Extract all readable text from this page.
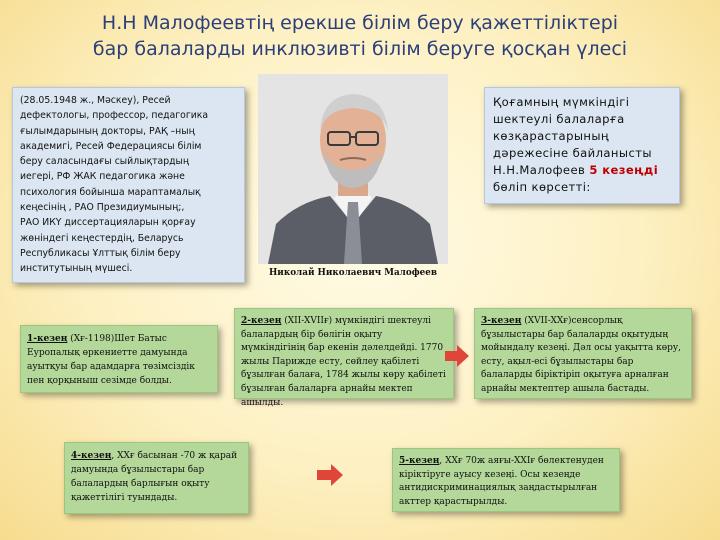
Н.Н Малофеевтің ерекше білім беру қажеттіліктері
бар балаларды инклюзивті білім беруге қосқан үлесі
(28.05.1948 ж., Мәскеу), Ресей
дефектологы, профессор, педагогика
ғылымдарының докторы, РАҚ –ның
академигі, Ресей Федерациясы білім
беру саласындағы сыйлықтардың
иегері, РФ ЖАК педагогика және
психология бойынша мараптамалық
кеңесінің , РАО Президиумының;,
РАО ИКҮ диссертацияларын қорғау
жөніндегі кеңестердің, Беларусь
Республикасы Ұлттық білім беру
институтының мүшесі.	Николай Николаевич Малофеев
Қоғамның мүмкіндігі шектеулі балаларға көзқарастарының дәрежесіне байланысты Н.Н.Малофеев 5 кезеңді бөліп көрсетті:
1-кезең (Хғ-1198)Шет Батыс Еуропалық өркениетте дамуында ауытқуы бар адамдарға төзімсіздік пен қорқыныш сезімде болды.
2-кезең (XII-XVIIғ) мүмкіндігі шектеулі балалардың бір бөлігін оқыту мүмкіндігінің бар екенін дәлелдейді. 1770 жылы Парижде есту, сөйлеу қабілеті бұзылған балаға, 1784 жылы көру қабілеті бұзылған балаларға арнайы мектеп ашылды.
3-кезең (XVII-XXғ)сенсорлық бұзылыстары бар балаларды оқытудың мойындалу кезеңі. Дәл осы уақытта көру, есту, ақыл-есі бұзылыстары бар балаларды біріктіріп оқытуға арналған арнайы мектептер ашыла бастады.
4-кезең, XXғ басынан -70 ж қарай дамуында бұзылыстары бар балалардың барлығын оқыту қажеттілігі туындады.
5-кезең, XXғ 70ж аяғы-XXIғ бөлектенуден кіріктіруге ауысу кезеңі. Осы кезеңде антидискриминациялық заңдастырылған акттер қарастырылды.
